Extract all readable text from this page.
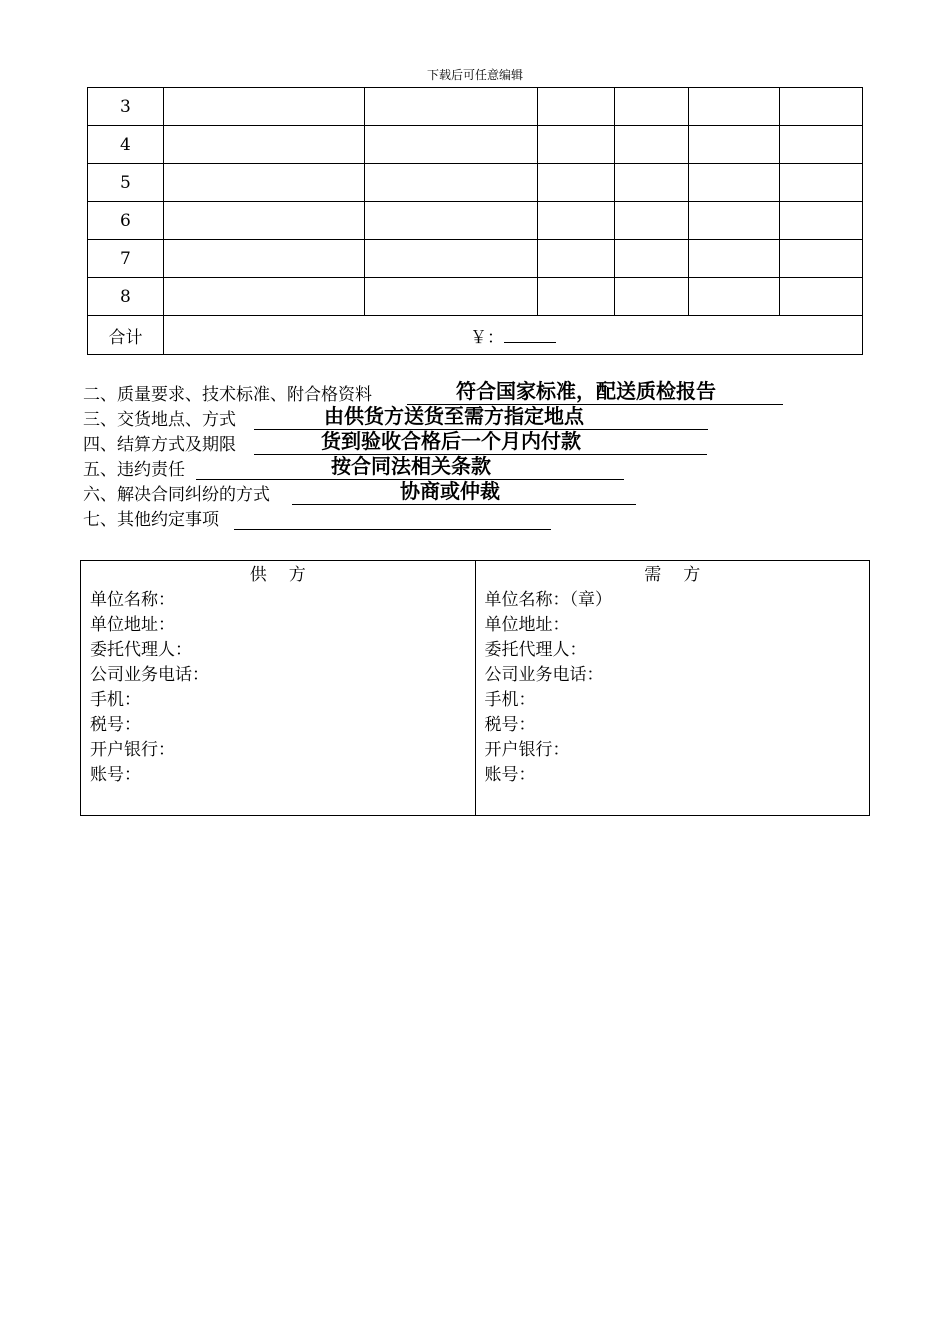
下载后可任意编辑
3						
4						
5						
6						
7						
8						
合计	￥：					
二、质量要求、技术标准、附合格资料	符合国家标准，配送质检报告
三、交货地点、方式	由供货方送货至需方指定地点
四、结算方式及期限	货到验收合格后一个月内付款
五、违约责任	按合同法相关条款
六、解决合同纠纷的方式	协商或仲裁
七、其他约定事项
供方
单位名称：
单位地址：
委托代理人：
公司业务电话：
手机：
税号：
开户银行：
账号：
需方
单位名称：（章）
单位地址：
委托代理人：
公司业务电话：
手机：
税号：
开户银行：
账号：
